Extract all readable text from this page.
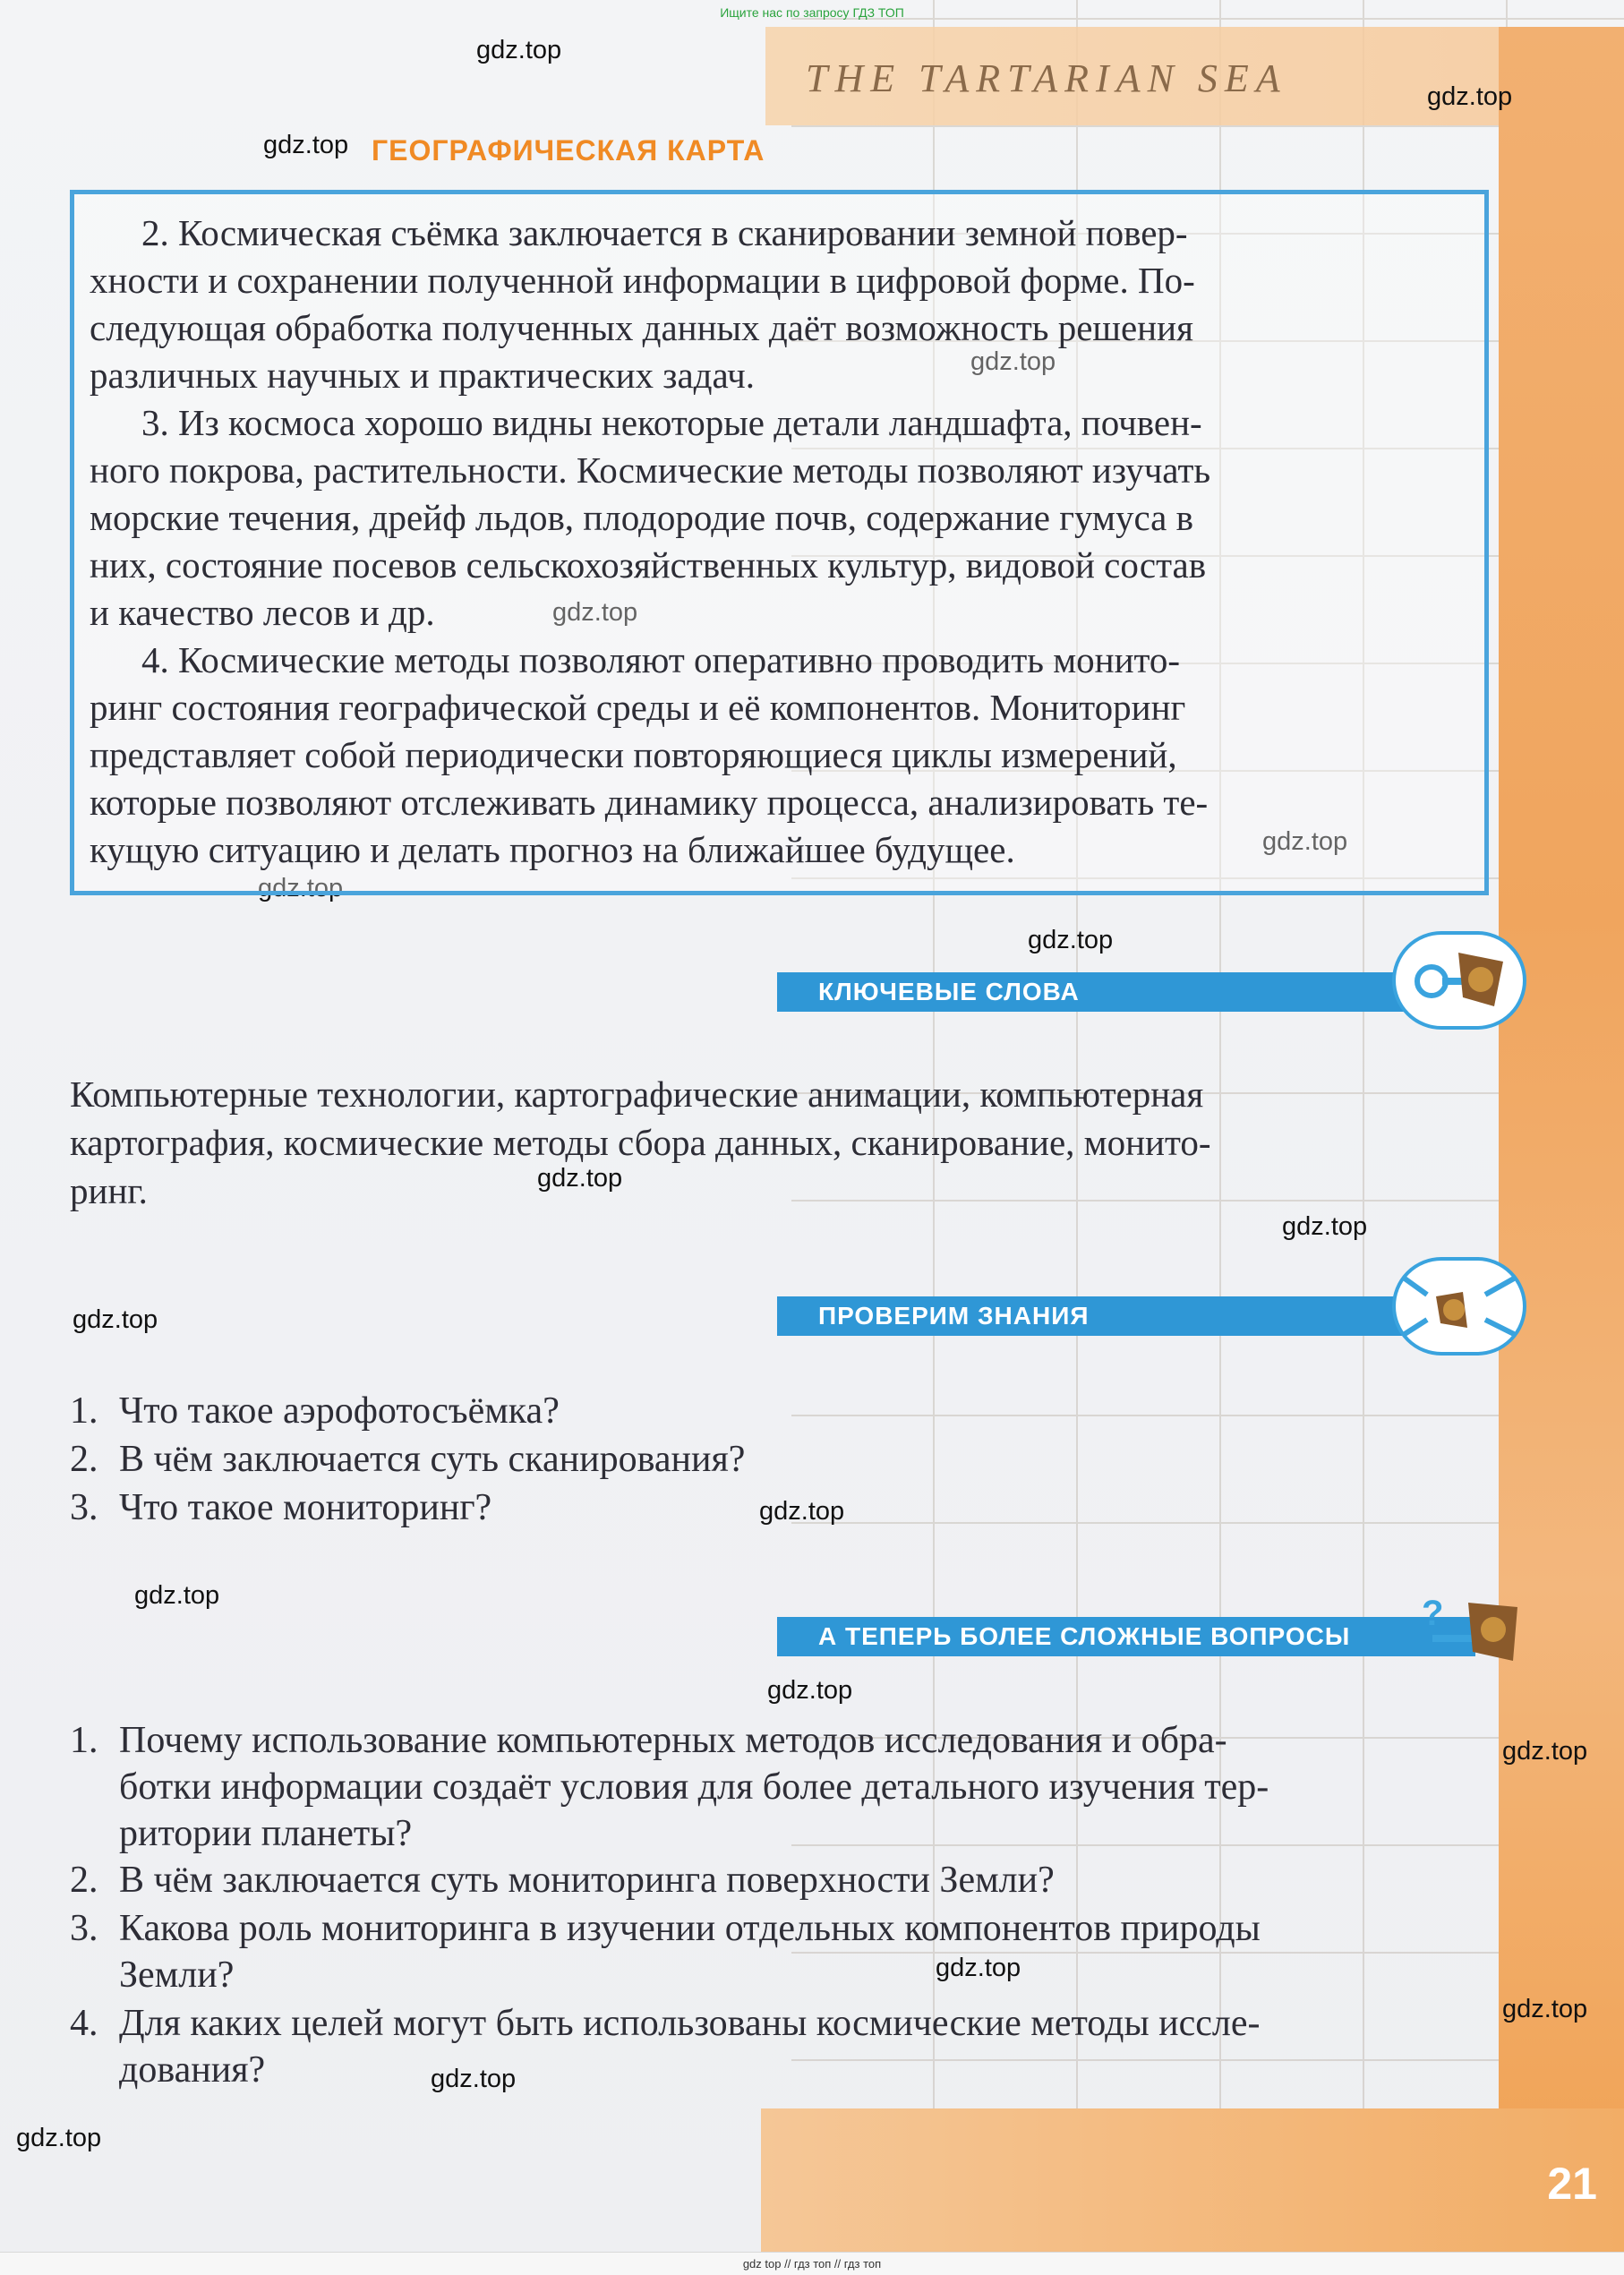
THE TARTARIAN SEA
Ищите нас по запросу ГДЗ ТОП
ГЕОГРАФИЧЕСКАЯ КАРТА
gdz.top
gdz.top
gdz.top
gdz.top
gdz.top
gdz.top
gdz.top
gdz.top
gdz.top
gdz.top
gdz.top
gdz.top
gdz.top
gdz.top
gdz.top
gdz.top
gdz.top
gdz.top
gdz.top
2. Космическая съёмка заключается в сканировании земной повер-
хности и сохранении полученной информации в цифровой форме. По-
следующая обработка полученных данных даёт возможность решения
различных научных и практических задач.
3. Из космоса хорошо видны некоторые детали ландшафта, почвен-
ного покрова, растительности. Космические методы позволяют изучать
морские течения, дрейф льдов, плодородие почв, содержание гумуса в
них, состояние посевов сельскохозяйственных культур, видовой состав
и качество лесов и др.
4. Космические методы позволяют оперативно проводить монито-
ринг состояния географической среды и её компонентов. Мониторинг
представляет собой периодически повторяющиеся циклы измерений,
которые позволяют отслеживать динамику процесса, анализировать те-
кущую ситуацию и делать прогноз на ближайшее будущее.
КЛЮЧЕВЫЕ СЛОВА
Компьютерные технологии, картографические анимации, компьютерная
картография, космические методы сбора данных, сканирование, монито-
ринг.
ПРОВЕРИМ ЗНАНИЯ
1. Что такое аэрофотосъёмка?
2. В чём заключается суть сканирования?
3. Что такое мониторинг?
А ТЕПЕРЬ БОЛЕЕ СЛОЖНЫЕ ВОПРОСЫ
?
1. Почему использование компьютерных методов исследования и обра-
ботки информации создаёт условия для более детального изучения тер-
ритории планеты?
2. В чём заключается суть мониторинга поверхности Земли?
3. Какова роль мониторинга в изучении отдельных компонентов природы
Земли?
4. Для каких целей могут быть использованы космические методы иссле-
дования?
21
gdz top // гдз топ // гдз топ
